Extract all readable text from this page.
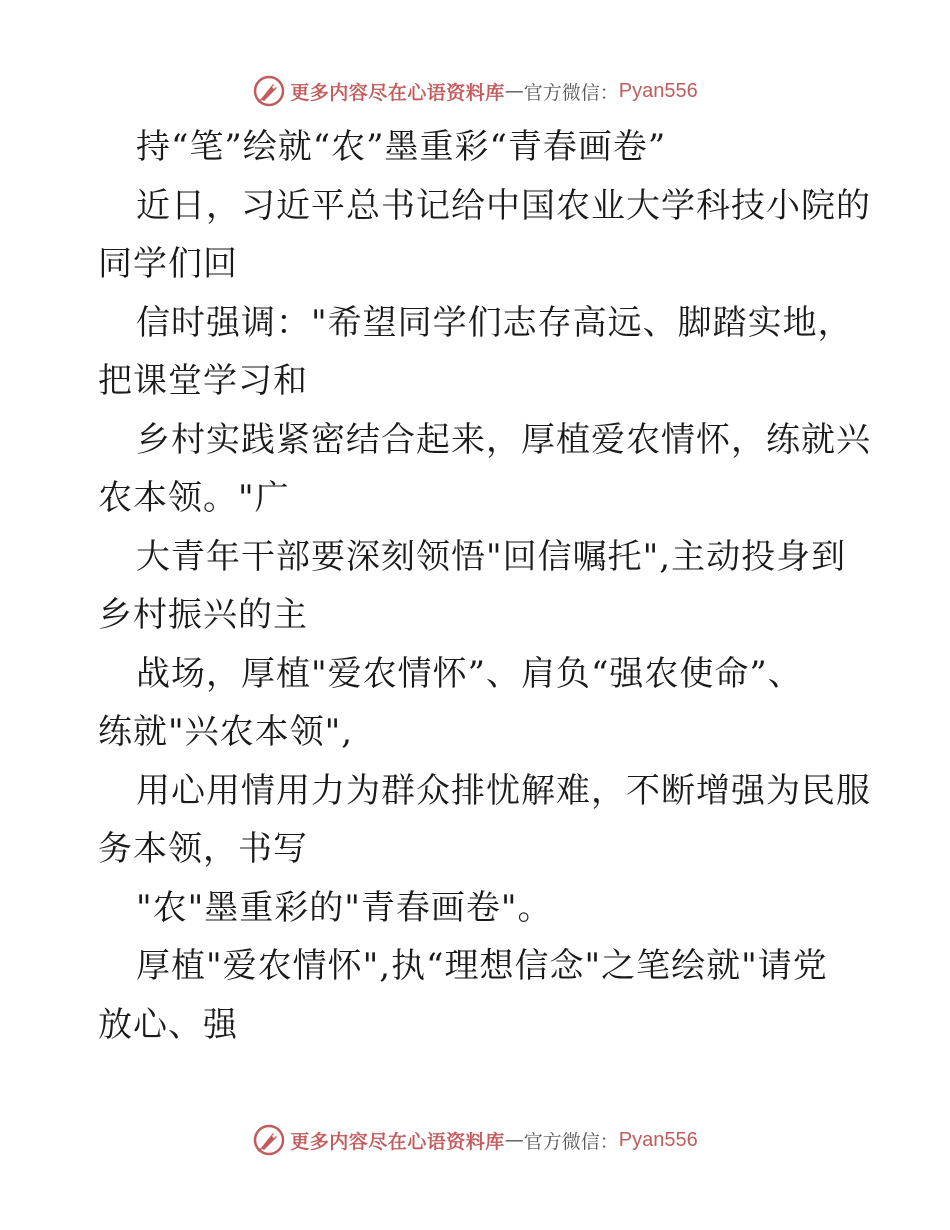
更多内容尽在心语资料库 — 官方微信： Pyan556
持“笔”绘就“农”墨重彩“青春画卷”
近日，习近平总书记给中国农业大学科技小院的
同学们回
信时强调："希望同学们志存高远、脚踏实地，
把课堂学习和
乡村实践紧密结合起来，厚植爱农情怀，练就兴
农本领。"广
大青年干部要深刻领悟"回信嘱托",主动投身到
乡村振兴的主
战场，厚植"爱农情怀”、肩负“强农使命”、
练就"兴农本领",
用心用情用力为群众排忧解难，不断增强为民服
务本领，书写
"农"墨重彩的"青春画卷"。
厚植"爱农情怀",执“理想信念"之笔绘就"请党
放心、强
更多内容尽在心语资料库 — 官方微信： Pyan556
